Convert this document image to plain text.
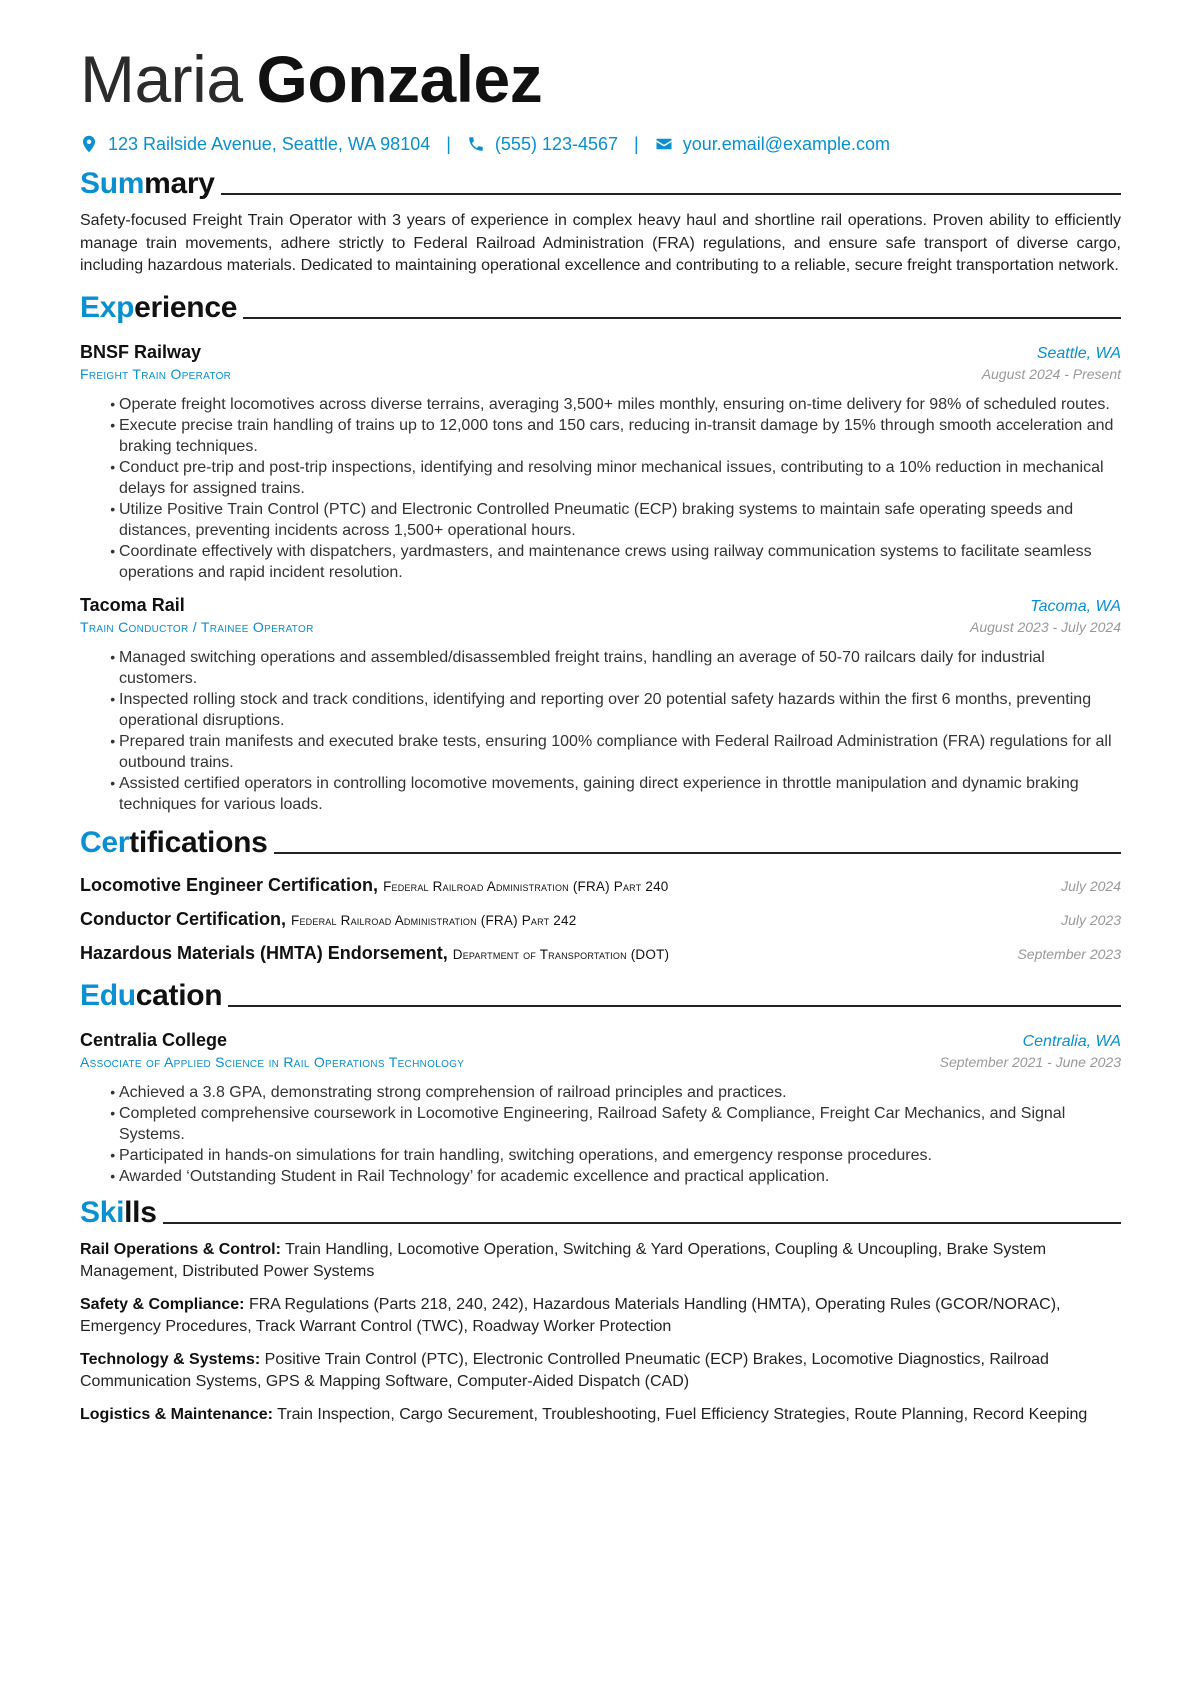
Maria Gonzalez
123 Railside Avenue, Seattle, WA 98104 | (555) 123-4567 | your.email@example.com
Summary

Safety-focused Freight Train Operator with 3 years of experience in complex heavy haul and shortline rail operations. Proven ability to efficiently manage train movements, adhere strictly to Federal Railroad Administration (FRA) regulations, and ensure safe transport of diverse cargo, including hazardous materials. Dedicated to maintaining operational excellence and contributing to a reliable, secure freight transportation network.

Experience
BNSF Railway	Seattle, WA
Freight Train Operator	August 2024 - Present
• Operate freight locomotives across diverse terrains, averaging 3,500+ miles monthly, ensuring on-time delivery for 98% of scheduled routes.
• Execute precise train handling of trains up to 12,000 tons and 150 cars, reducing in-transit damage by 15% through smooth acceleration and braking techniques.
• Conduct pre-trip and post-trip inspections, identifying and resolving minor mechanical issues, contributing to a 10% reduction in mechanical delays for assigned trains.
• Utilize Positive Train Control (PTC) and Electronic Controlled Pneumatic (ECP) braking systems to maintain safe operating speeds and distances, preventing incidents across 1,500+ operational hours.
• Coordinate effectively with dispatchers, yardmasters, and maintenance crews using railway communication systems to facilitate seamless operations and rapid incident resolution.
Tacoma Rail	Tacoma, WA
Train Conductor / Trainee Operator	August 2023 - July 2024
• Managed switching operations and assembled/disassembled freight trains, handling an average of 50-70 railcars daily for industrial customers.
• Inspected rolling stock and track conditions, identifying and reporting over 20 potential safety hazards within the first 6 months, preventing operational disruptions.
• Prepared train manifests and executed brake tests, ensuring 100% compliance with Federal Railroad Administration (FRA) regulations for all outbound trains.
• Assisted certified operators in controlling locomotive movements, gaining direct experience in throttle manipulation and dynamic braking techniques for various loads.
Certifications
Locomotive Engineer Certification, Federal Railroad Administration (FRA) Part 240	July 2024
Conductor Certification, Federal Railroad Administration (FRA) Part 242	July 2023
Hazardous Materials (HMTA) Endorsement, Department of Transportation (DOT)	September 2023
Education
Centralia College	Centralia, WA
Associate of Applied Science in Rail Operations Technology	September 2021 - June 2023
• Achieved a 3.8 GPA, demonstrating strong comprehension of railroad principles and practices.
• Completed comprehensive coursework in Locomotive Engineering, Railroad Safety & Compliance, Freight Car Mechanics, and Signal Systems.
• Participated in hands-on simulations for train handling, switching operations, and emergency response procedures.
• Awarded ‘Outstanding Student in Rail Technology’ for academic excellence and practical application.
Skills
Rail Operations & Control: Train Handling, Locomotive Operation, Switching & Yard Operations, Coupling & Uncoupling, Brake System Management, Distributed Power Systems
Safety & Compliance: FRA Regulations (Parts 218, 240, 242), Hazardous Materials Handling (HMTA), Operating Rules (GCOR/NORAC), Emergency Procedures, Track Warrant Control (TWC), Roadway Worker Protection
Technology & Systems: Positive Train Control (PTC), Electronic Controlled Pneumatic (ECP) Brakes, Locomotive Diagnostics, Railroad Communication Systems, GPS & Mapping Software, Computer-Aided Dispatch (CAD)
Logistics & Maintenance: Train Inspection, Cargo Securement, Troubleshooting, Fuel Efficiency Strategies, Route Planning, Record Keeping
